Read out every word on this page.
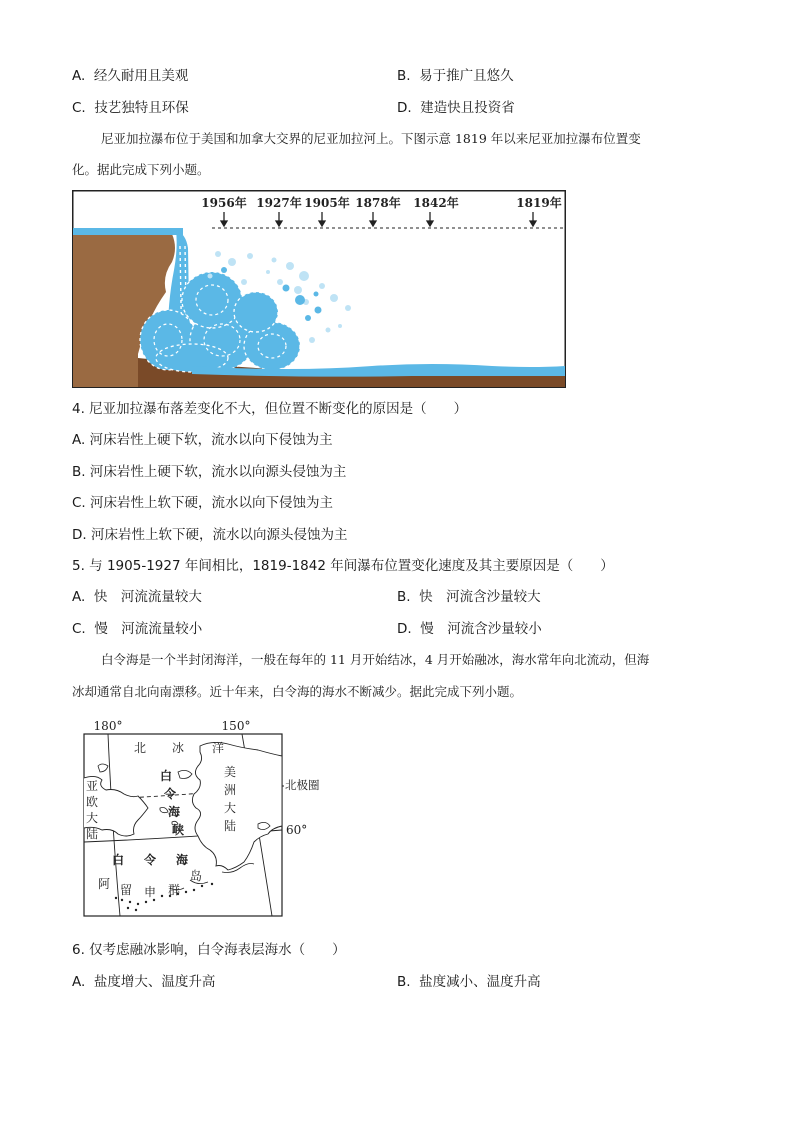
A. 经久耐用且美观	B. 易于推广且悠久
C. 技艺独特且环保	D. 建造快且投资省
尼亚加拉瀑布位于美国和加拿大交界的尼亚加拉河上。下图示意 1819 年以来尼亚加拉瀑布位置变
化。据此完成下列小题。
1956年 1927年 1905年 1878年 1842年	1819年
4. 尼亚加拉瀑布落差变化不大，但位置不断变化的原因是（　　）
A. 河床岩性上硬下软，流水以向下侵蚀为主
B. 河床岩性上硬下软，流水以向源头侵蚀为主
C. 河床岩性上软下硬，流水以向下侵蚀为主
D. 河床岩性上软下硬，流水以向源头侵蚀为主
5. 与 1905-1927 年间相比，1819-1842 年间瀑布位置变化速度及其主要原因是（　　）
A. 快　河流流量较大	B. 快　河流含沙量较大
C. 慢　河流流量较小	D. 慢　河流含沙量较小
白令海是一个半封闭海洋，一般在每年的 11 月开始结冰，4 月开始融冰，海水常年向北流动，但海
冰却通常自北向南漂移。近十年来，白令海的海水不断减少。据此完成下列小题。
180°	150°
60°
北极圈
北 冰 洋
白
令
海
峡
美
洲
大
陆
亚
欧
大
陆
白 令 海
阿 留 申 群
岛
6. 仅考虑融冰影响，白令海表层海水（　　）
A. 盐度增大、温度升高	B. 盐度减小、温度升高
